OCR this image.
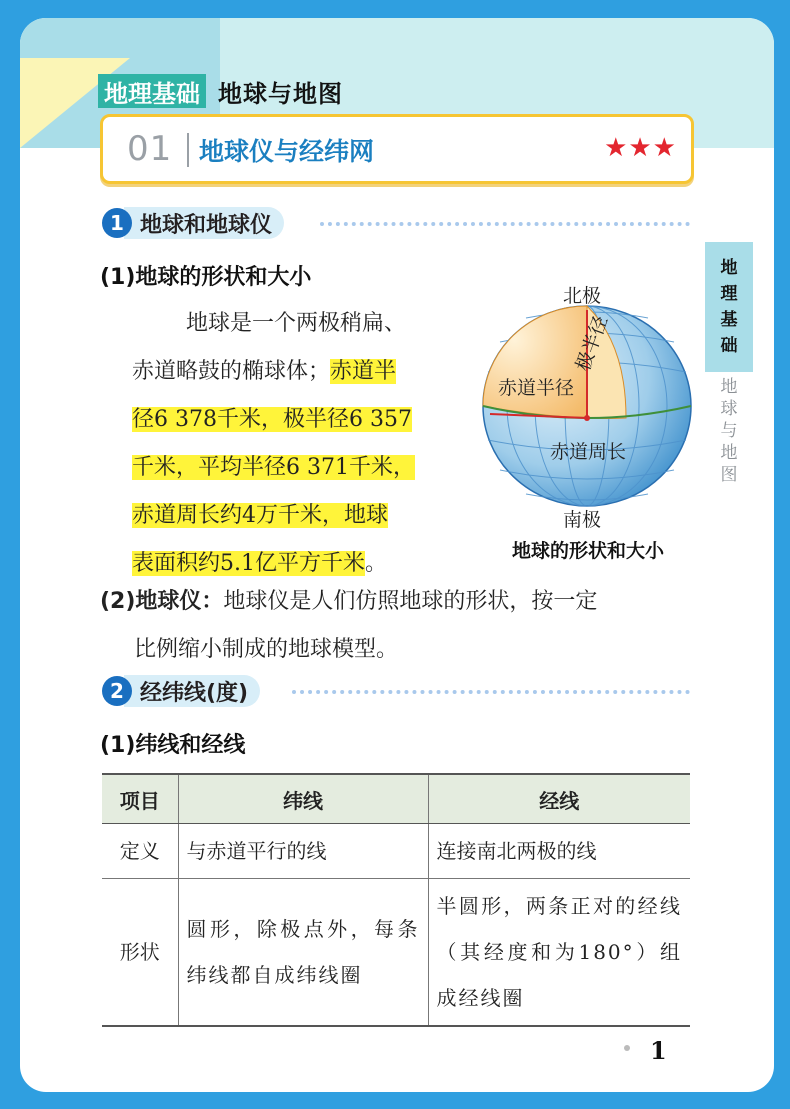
地理基础 地球与地图
01 地球仪与经纬网	★★★
1 地球和地球仪
地
理
基
础
地
球
与
地
图
(1)地球的形状和大小
地球是一个两极稍扁、
赤道略鼓的椭球体；赤道半
径6 378千米，极半径6 357
千米，平均半径6 371千米，
赤道周长约4万千米，地球
表面积约5.1亿平方千米。
北极
南极
极半径
赤道半径
赤道周长
地球的形状和大小
(2)地球仪：地球仪是人们仿照地球的形状，按一定
比例缩小制成的地球模型。
2 经纬线(度)
(1)纬线和经线
项目	纬线	经线
定义	与赤道平行的线	连接南北两极的线
形状	圆形，除极点外，每条纬线都自成纬线圈	半圆形，两条正对的经线（其经度和为180°）组成经线圈
1
